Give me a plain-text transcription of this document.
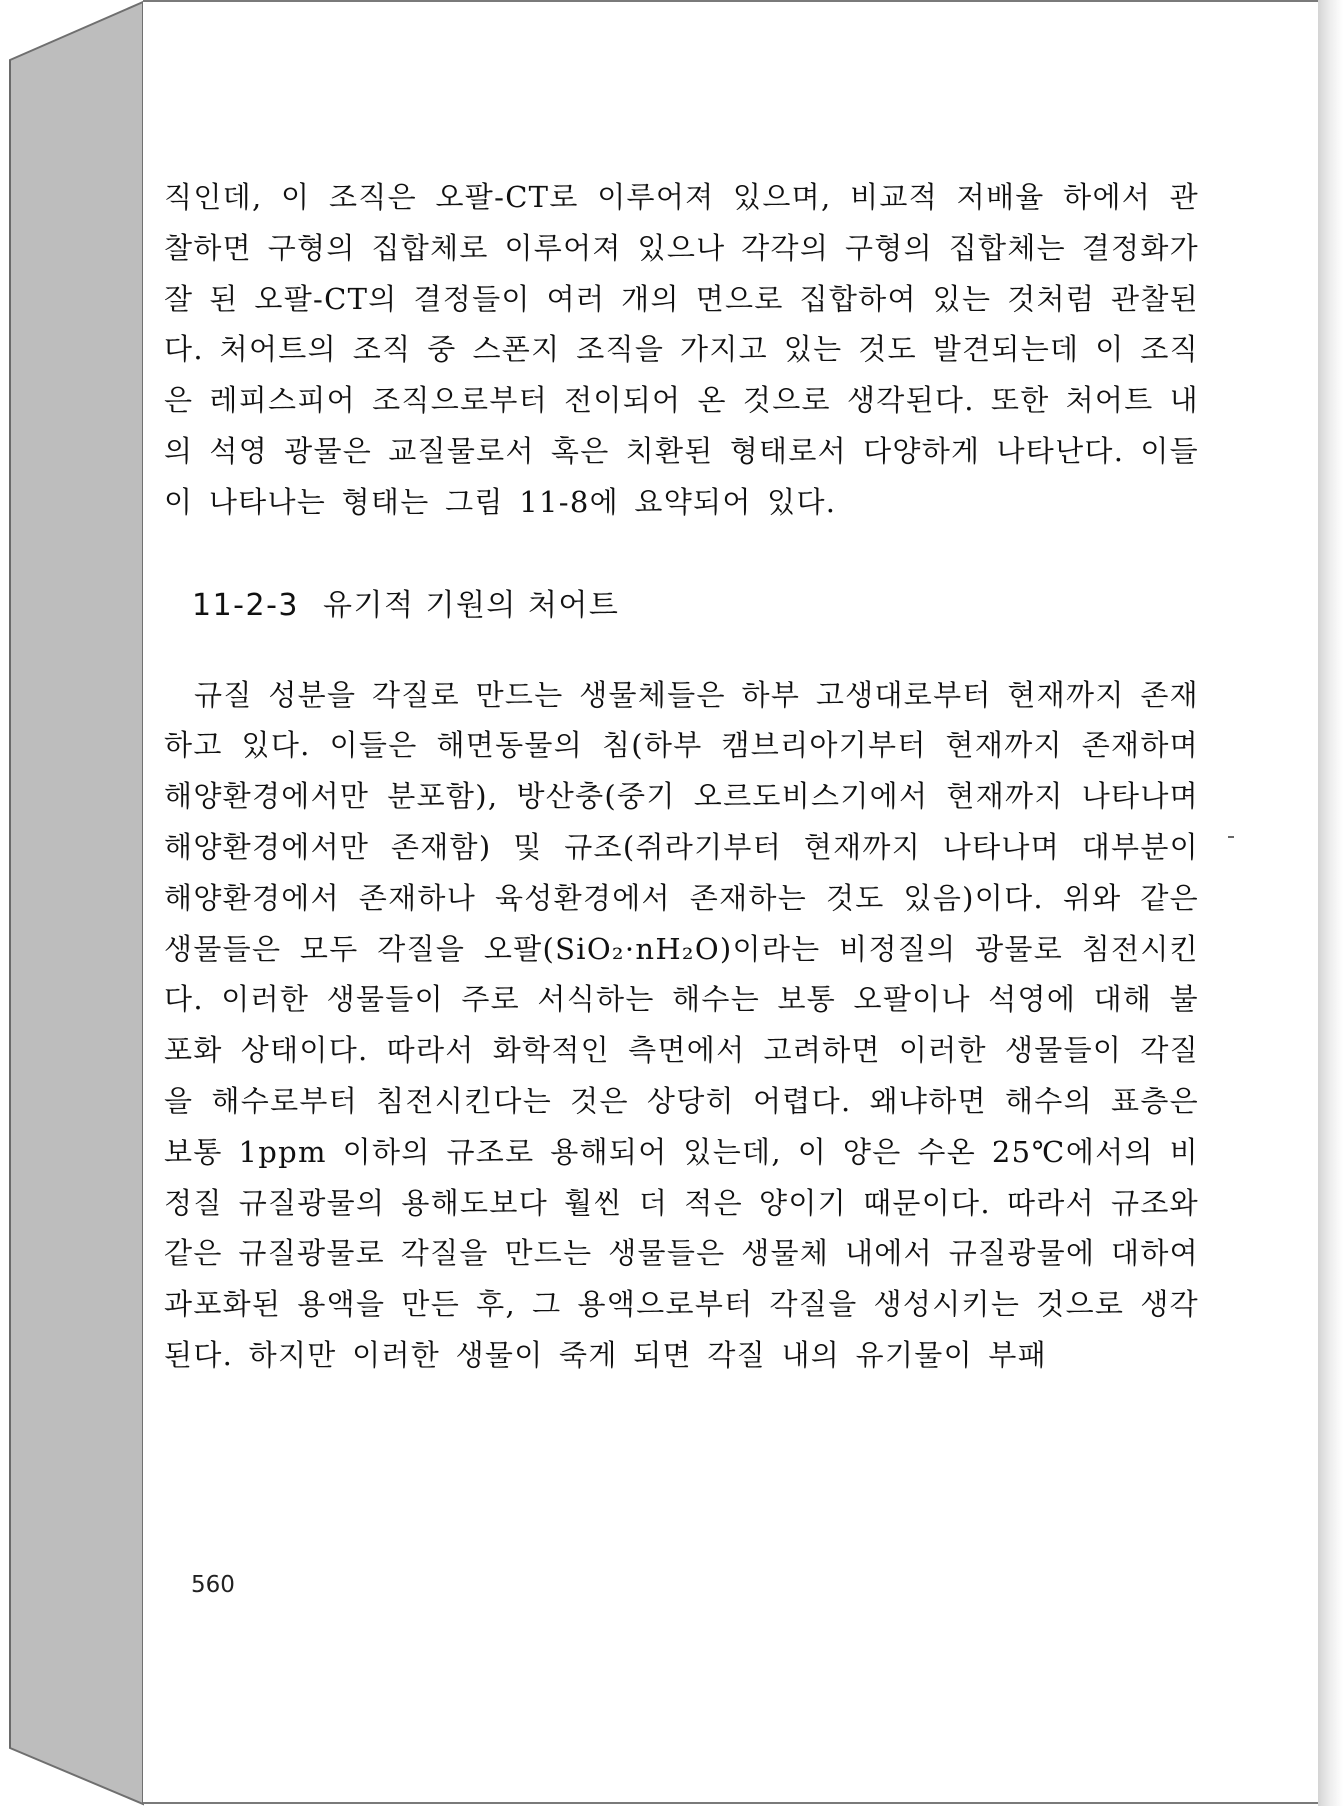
직인데, 이 조직은 오팔-CT로 이루어져 있으며, 비교적 저배율 하에서 관찰하면 구형의 집합체로 이루어져 있으나 각각의 구형의 집합체는 결정화가 잘 된 오팔-CT의 결정들이 여러 개의 면으로 집합하여 있는 것처럼 관찰된다. 처어트의 조직 중 스폰지 조직을 가지고 있는 것도 발견되는데 이 조직은 레피스피어 조직으로부터 전이되어 온 것으로 생각된다. 또한 처어트 내의 석영 광물은 교질물로서 혹은 치환된 형태로서 다양하게 나타난다. 이들이 나타나는 형태는 그림 11-8에 요약되어 있다.

11-2-3 유기적 기원의 처어트

규질 성분을 각질로 만드는 생물체들은 하부 고생대로부터 현재까지 존재하고 있다. 이들은 해면동물의 침(하부 캠브리아기부터 현재까지 존재하며 해양환경에서만 분포함), 방산충(중기 오르도비스기에서 현재까지 나타나며 해양환경에서만 존재함) 및 규조(쥐라기부터 현재까지 나타나며 대부분이 해양환경에서 존재하나 육성환경에서 존재하는 것도 있음)이다. 위와 같은 생물들은 모두 각질을 오팔(SiO₂·nH₂O)이라는 비정질의 광물로 침전시킨다. 이러한 생물들이 주로 서식하는 해수는 보통 오팔이나 석영에 대해 불포화 상태이다. 따라서 화학적인 측면에서 고려하면 이러한 생물들이 각질을 해수로부터 침전시킨다는 것은 상당히 어렵다. 왜냐하면 해수의 표층은 보통 1ppm 이하의 규조로 용해되어 있는데, 이 양은 수온 25℃에서의 비정질 규질광물의 용해도보다 훨씬 더 적은 양이기 때문이다. 따라서 규조와 같은 규질광물로 각질을 만드는 생물들은 생물체 내에서 규질광물에 대하여 과포화된 용액을 만든 후, 그 용액으로부터 각질을 생성시키는 것으로 생각된다. 하지만 이러한 생물이 죽게 되면 각질 내의 유기물이 부패

560
